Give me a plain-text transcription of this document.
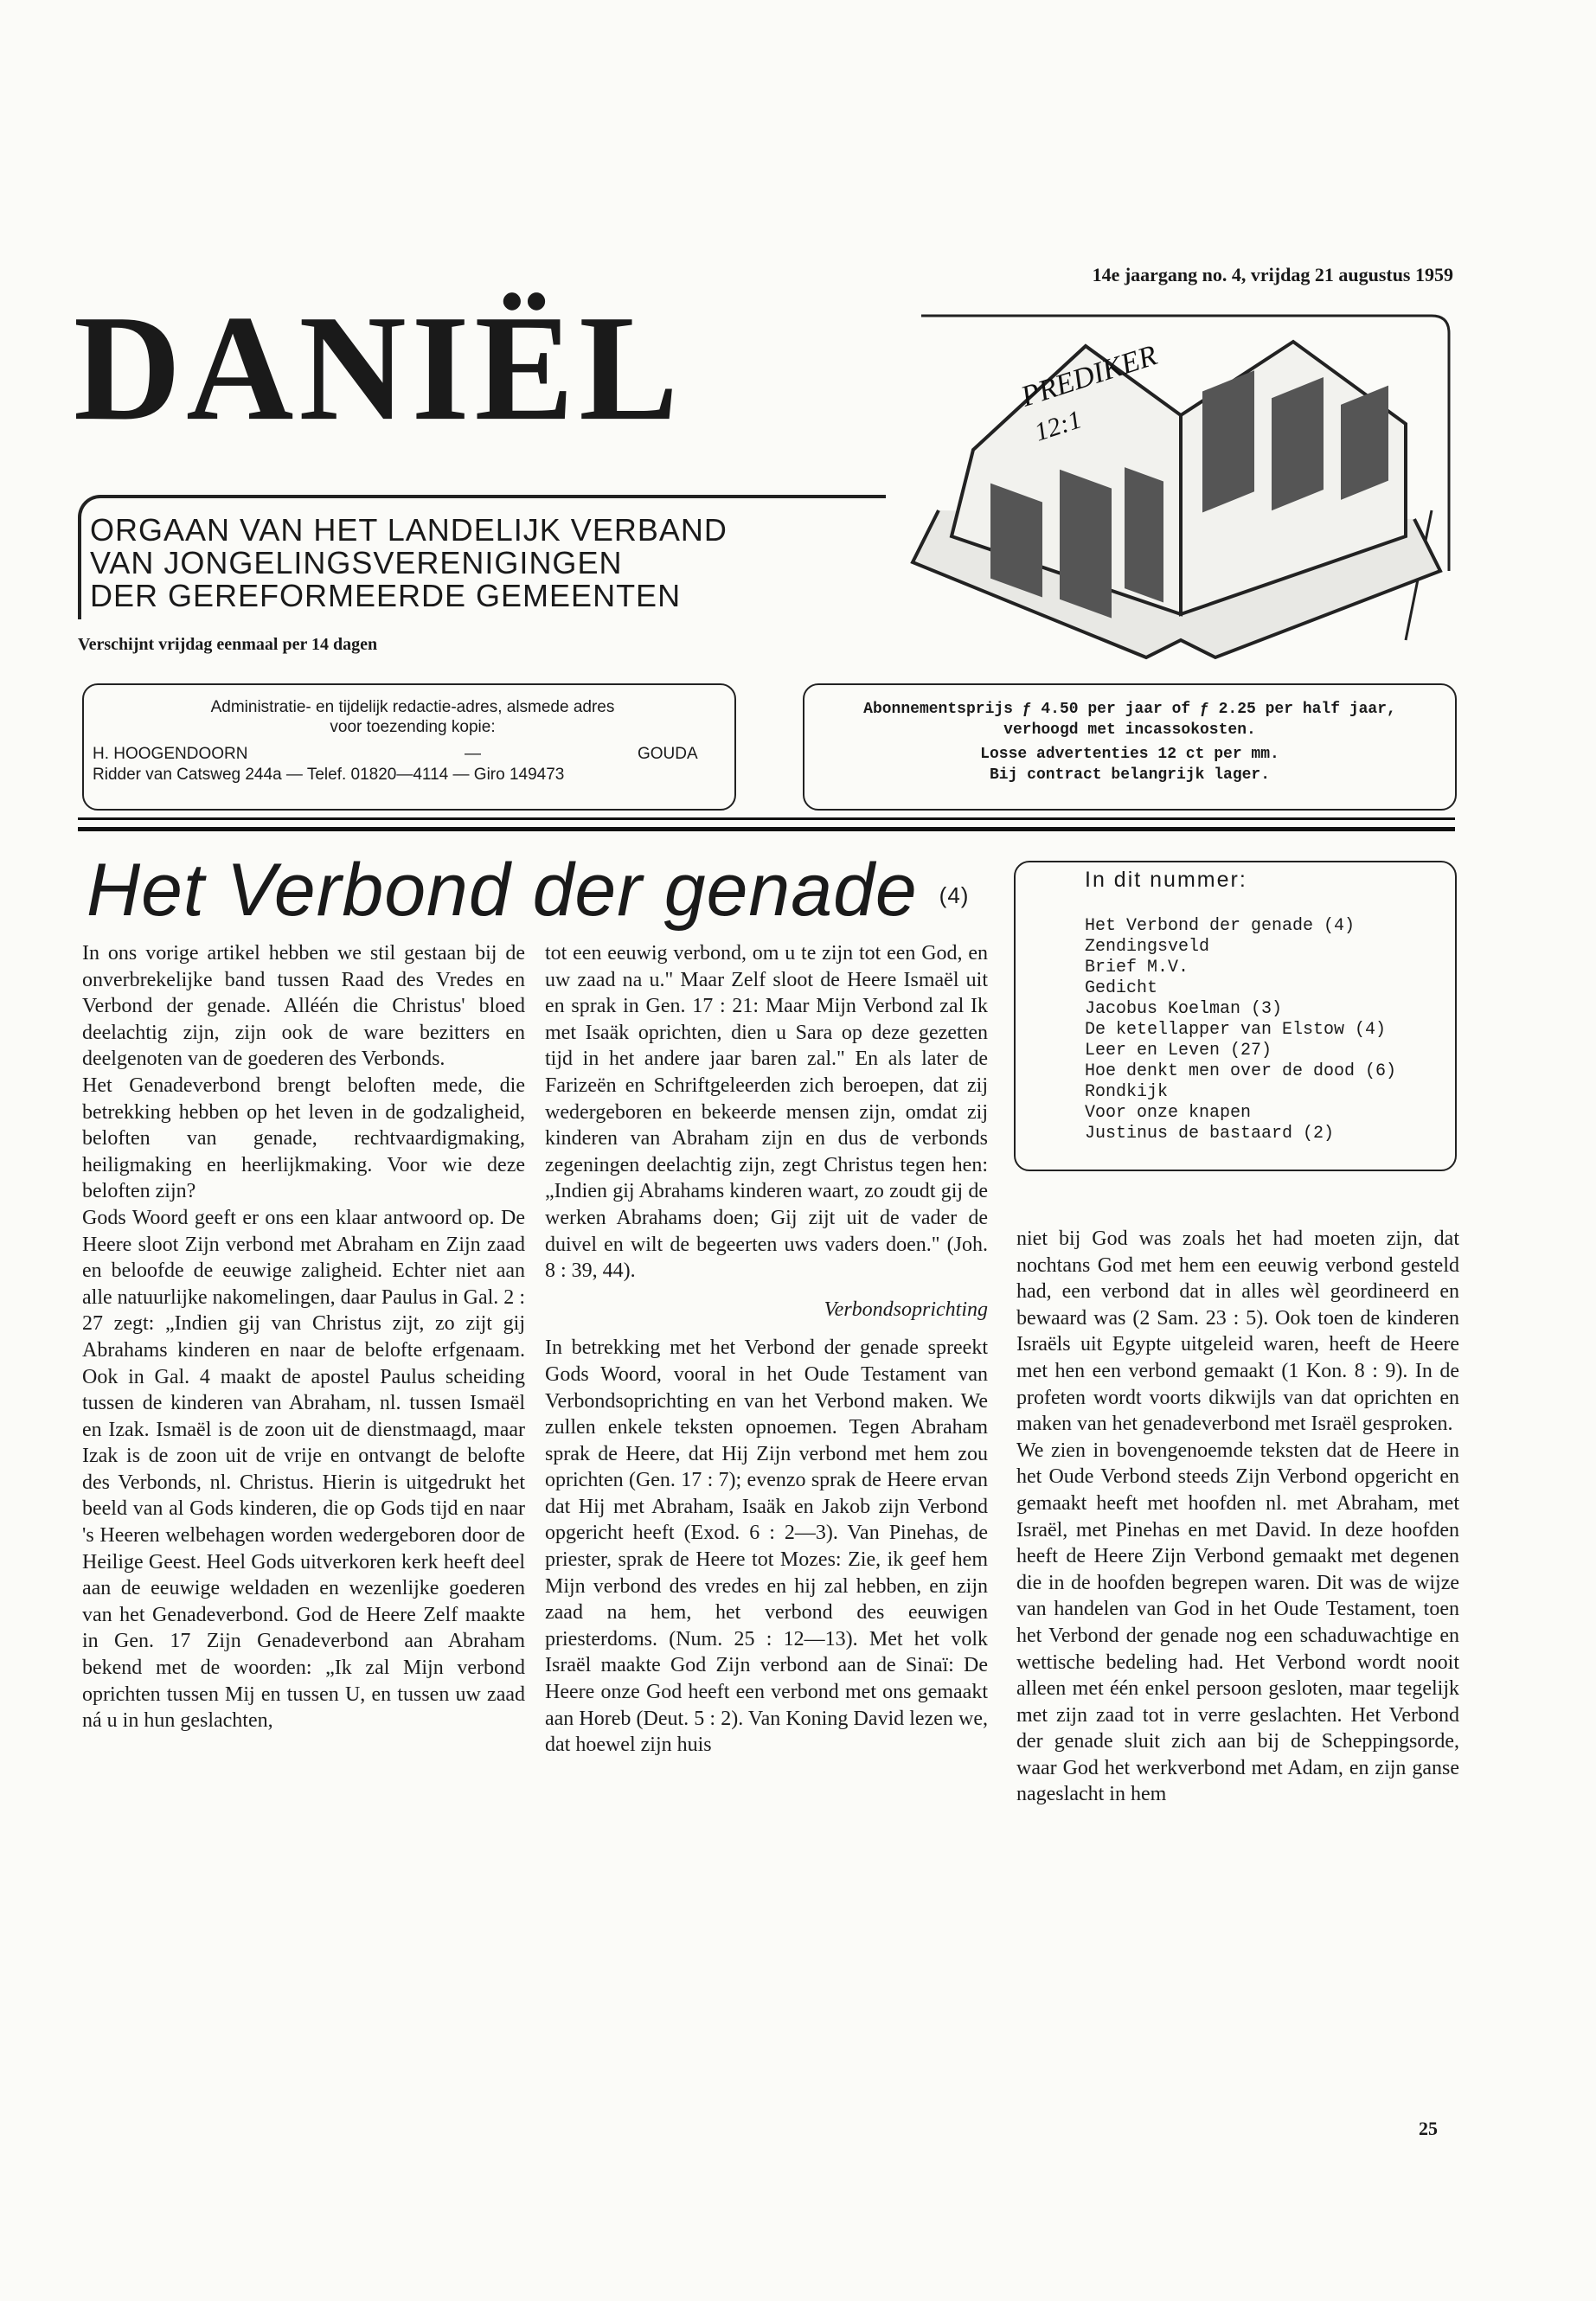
14e jaargang no. 4, vrijdag 21 augustus 1959
DANIËL	PREDIKER
12:1
ORGAAN VAN HET LANDELIJK VERBAND
VAN JONGELINGSVERENIGINGEN
DER GEREFORMEERDE GEMEENTEN
Verschijnt vrijdag eenmaal per 14 dagen
Administratie- en tijdelijk redactie-adres, alsmede adres
voor toezending kopie:
H. HOOGENDOORN	—	GOUDA
Ridder van Catsweg 244a — Telef. 01820—4114 — Giro 149473
Abonnementsprijs ƒ 4.50 per jaar of ƒ 2.25 per half jaar,
verhoogd met incassokosten.
Losse advertenties 12 ct per mm.
Bij contract belangrijk lager.
Het Verbond der genade (4)
In dit nummer:
Het Verbond der genade (4)
Zendingsveld
Brief M.V.
Gedicht
Jacobus Koelman (3)
De ketellapper van Elstow (4)
Leer en Leven (27)
Hoe denkt men over de dood (6)
Rondkijk
Voor onze knapen
Justinus de bastaard (2)

In ons vorige artikel hebben we stil gestaan bij de onverbrekelijke band tussen Raad des Vredes en Verbond der genade. Alléén die Christus' bloed deelachtig zijn, zijn ook de ware bezitters en deelgenoten van de goederen des Verbonds.

Het Genadeverbond brengt beloften mede, die betrekking hebben op het leven in de godzaligheid, beloften van genade, rechtvaardigmaking, heiligmaking en heerlijkmaking. Voor wie deze beloften zijn?

Gods Woord geeft er ons een klaar antwoord op. De Heere sloot Zijn verbond met Abraham en Zijn zaad en beloofde de eeuwige zaligheid. Echter niet aan alle natuurlijke nakomelingen, daar Paulus in Gal. 2 : 27 zegt: „Indien gij van Christus zijt, zo zijt gij Abrahams kinderen en naar de belofte erfgenaam. Ook in Gal. 4 maakt de apostel Paulus scheiding tussen de kinderen van Abraham, nl. tussen Ismaël en Izak. Ismaël is de zoon uit de dienstmaagd, maar Izak is de zoon uit de vrije en ontvangt de belofte des Verbonds, nl. Christus. Hierin is uitgedrukt het beeld van al Gods kinderen, die op Gods tijd en naar 's Heeren welbehagen worden wedergeboren door de Heilige Geest. Heel Gods uitverkoren kerk heeft deel aan de eeuwige weldaden en wezenlijke goederen van het Genadeverbond. God de Heere Zelf maakte in Gen. 17 Zijn Genadeverbond aan Abraham bekend met de woorden: „Ik zal Mijn verbond oprichten tussen Mij en tussen U, en tussen uw zaad ná u in hun geslachten,

tot een eeuwig verbond, om u te zijn tot een God, en uw zaad na u." Maar Zelf sloot de Heere Ismaël uit en sprak in Gen. 17 : 21: Maar Mijn Verbond zal Ik met Isaäk oprichten, dien u Sara op deze gezetten tijd in het andere jaar baren zal." En als later de Farizeën en Schriftgeleerden zich beroepen, dat zij wedergeboren en bekeerde mensen zijn, omdat zij kinderen van Abraham zijn en dus de verbonds zegeningen deelachtig zijn, zegt Christus tegen hen: „Indien gij Abrahams kinderen waart, zo zoudt gij de werken Abrahams doen; Gij zijt uit de vader de duivel en wilt de begeerten uws vaders doen." (Joh. 8 : 39, 44).

Verbondsoprichting

In betrekking met het Verbond der genade spreekt Gods Woord, vooral in het Oude Testament van Verbondsoprichting en van het Verbond maken. We zullen enkele teksten opnoemen. Tegen Abraham sprak de Heere, dat Hij Zijn verbond met hem zou oprichten (Gen. 17 : 7); evenzo sprak de Heere ervan dat Hij met Abraham, Isaäk en Jakob zijn Verbond opgericht heeft (Exod. 6 : 2—3). Van Pinehas, de priester, sprak de Heere tot Mozes: Zie, ik geef hem Mijn verbond des vredes en hij zal hebben, en zijn zaad na hem, het verbond des eeuwigen priesterdoms. (Num. 25 : 12—13). Met het volk Israël maakte God Zijn verbond aan de Sinaï: De Heere onze God heeft een verbond met ons gemaakt aan Horeb (Deut. 5 : 2). Van Koning David lezen we, dat hoewel zijn huis

niet bij God was zoals het had moeten zijn, dat nochtans God met hem een eeuwig verbond gesteld had, een verbond dat in alles wèl geordineerd en bewaard was (2 Sam. 23 : 5). Ook toen de kinderen Israëls uit Egypte uitgeleid waren, heeft de Heere met hen een verbond gemaakt (1 Kon. 8 : 9). In de profeten wordt voorts dikwijls van dat oprichten en maken van het genadeverbond met Israël gesproken.

We zien in bovengenoemde teksten dat de Heere in het Oude Verbond steeds Zijn Verbond opgericht en gemaakt heeft met hoofden nl. met Abraham, met Israël, met Pinehas en met David. In deze hoofden heeft de Heere Zijn Verbond gemaakt met degenen die in de hoofden begrepen waren. Dit was de wijze van handelen van God in het Oude Testament, toen het Verbond der genade nog een schaduwachtige en wettische bedeling had. Het Verbond wordt nooit alleen met één enkel persoon gesloten, maar tegelijk met zijn zaad tot in verre geslachten. Het Verbond der genade sluit zich aan bij de Scheppingsorde, waar God het werkverbond met Adam, en zijn ganse nageslacht in hem

25
